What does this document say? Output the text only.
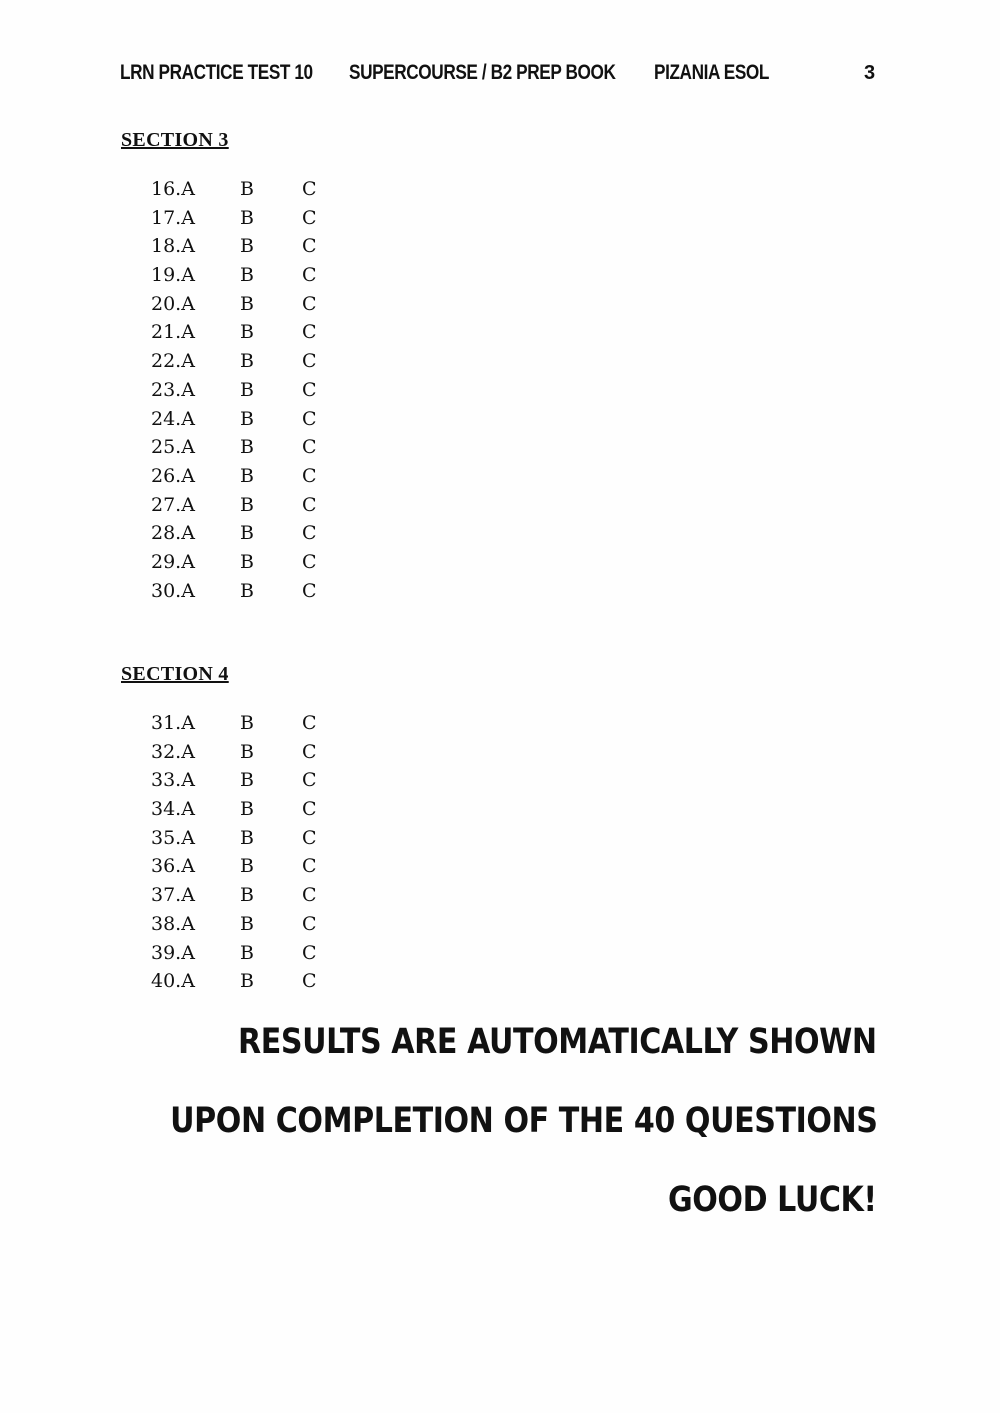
LRN PRACTICE TEST 10 SUPERCOURSE / B2 PREP BOOK PIZANIA ESOL	3
SECTION 3
16.A B	C
17.A B	C
18.A B	C
19.A B	C
20.A B	C
21.A B	C
22.A B	C
23.A B	C
24.A B	C
25.A B	C
26.A B	C
27.A B	C
28.A B	C
29.A B	C
30.A B	C
SECTION 4
31.A B	C
32.A B	C
33.A B	C
34.A B	C
35.A B	C
36.A B	C
37.A B	C
38.A B	C
39.A B	C
40.A B	C
RESULTS ARE AUTOMATICALLY SHOWN
UPON COMPLETION OF THE 40 QUESTIONS
GOOD LUCK!
